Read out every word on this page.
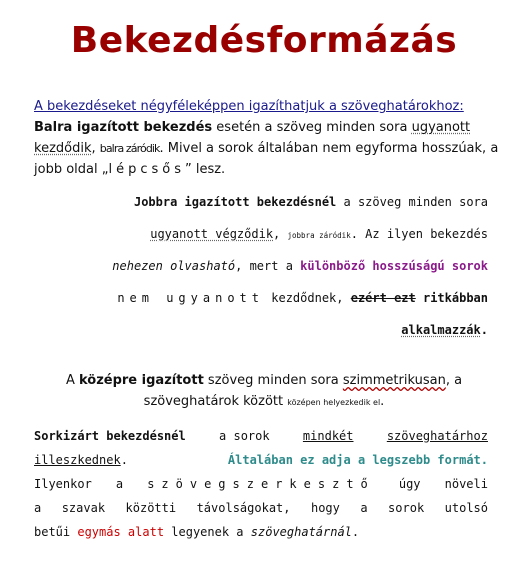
Bekezdésformázás
A bekezdéseket négyféleképpen igazíthatjuk a szöveghatárokhoz:
Balra igazított bekezdés esetén a szöveg minden sora ugyanott kezdődik, balra záródik. Mivel a sorok általában nem egyforma hosszúak, a jobb oldal „lépcsős” lesz.
Jobbra igazított bekezdésnél a szöveg minden sora
ugyanott végződik, jobbra záródik. Az ilyen bekezdés
nehezen olvasható, mert a különböző hosszúságú sorok
nem ugyanott kezdődnek, ezért ezt ritkábban
alkalmazzák.
A középre igazított szöveg minden sora szimmetrikusan, a szöveghatárok között középen helyezkedik el.
Sorkizárt bekezdésnél	a sorok	mindkét	szöveghatárhoz
illeszkednek.	Általában ez adja a legszebb formát.
Ilyenkor a szövegszerkesztő úgy növeli
a szavak közötti távolságokat, hogy a sorok utolsó
betűi egymás alatt legyenek a szöveghatárnál.
